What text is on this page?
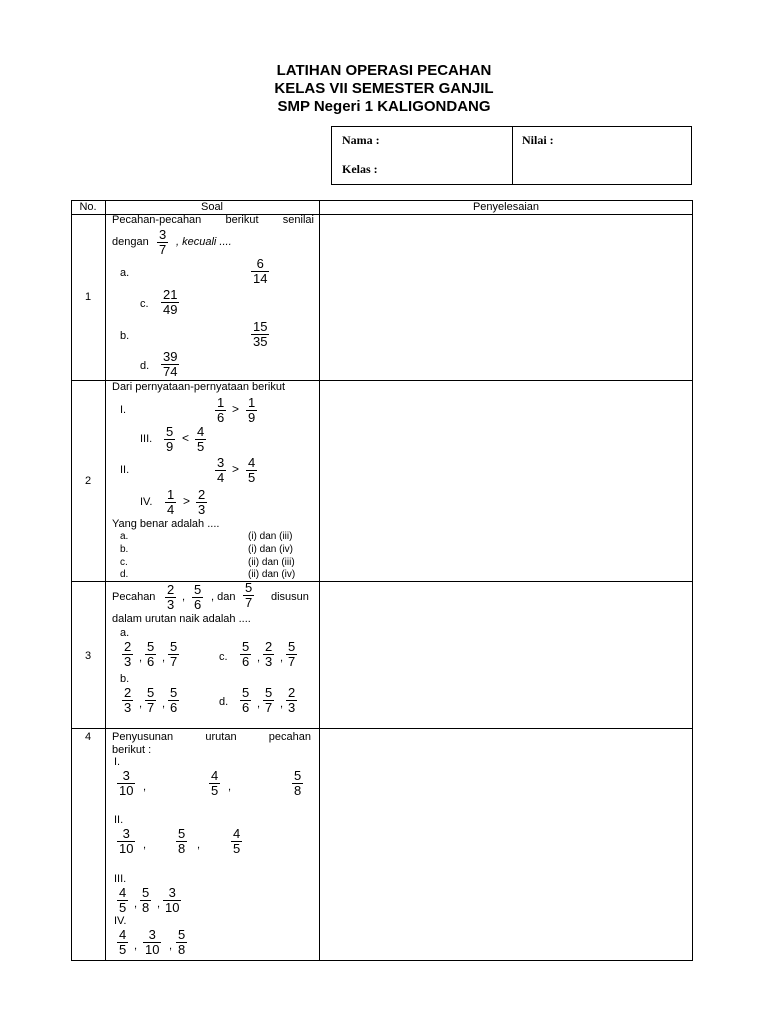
LATIHAN OPERASI PECAHAN
KELAS VII SEMESTER GANJIL
SMP Negeri 1 KALIGONDANG
Nama :
Kelas :
Nilai :
No.	Soal	Penyelesaian
1
Pecahan-pecahan berikut senilai
dengan $\frac{3}{7}$ , kecuali ....
a.	$\frac{6}{14}$
c. $\frac{21}{49}$
b.	$\frac{15}{35}$
d. $\frac{39}{74}$
2
Dari pernyataan-pernyataan berikut
I.	$\frac{1}{6} > \frac{1}{9}$
III. $\frac{5}{9} < \frac{4}{5}$
II.	$\frac{3}{4} > \frac{4}{5}$
IV. $\frac{1}{4} > \frac{2}{3}$
Yang benar adalah ....
a.	(i) dan (iii)
b.	(i) dan (iv)
c.	(ii) dan (iii)
d.	(ii) dan (iv)
3
Pecahan $\frac{2}{3}$ , $\frac{5}{6}$ , dan $\frac{5}{7}$ disusun
dalam urutan naik adalah ....
a.
$\frac{2}{3}$ , $\frac{5}{6}$ , $\frac{5}{7}$	c. $\frac{5}{6}$ , $\frac{2}{3}$ , $\frac{5}{7}$
b.
$\frac{2}{3}$ , $\frac{5}{7}$ , $\frac{5}{6}$	d. $\frac{5}{6}$ , $\frac{5}{7}$ , $\frac{2}{3}$
4	Penyusunan	urutan	pecahan
berikut :
I.
$\frac{3}{10}$ ,	$\frac{4}{5}$ ,	$\frac{5}{8}$
II.
$\frac{3}{10}$ , $\frac{5}{8}$ , $\frac{4}{5}$
III.
$\frac{4}{5}$ , $\frac{5}{8}$ , $\frac{3}{10}$
IV.
$\frac{4}{5}$ , $\frac{3}{10}$ , $\frac{5}{8}$
